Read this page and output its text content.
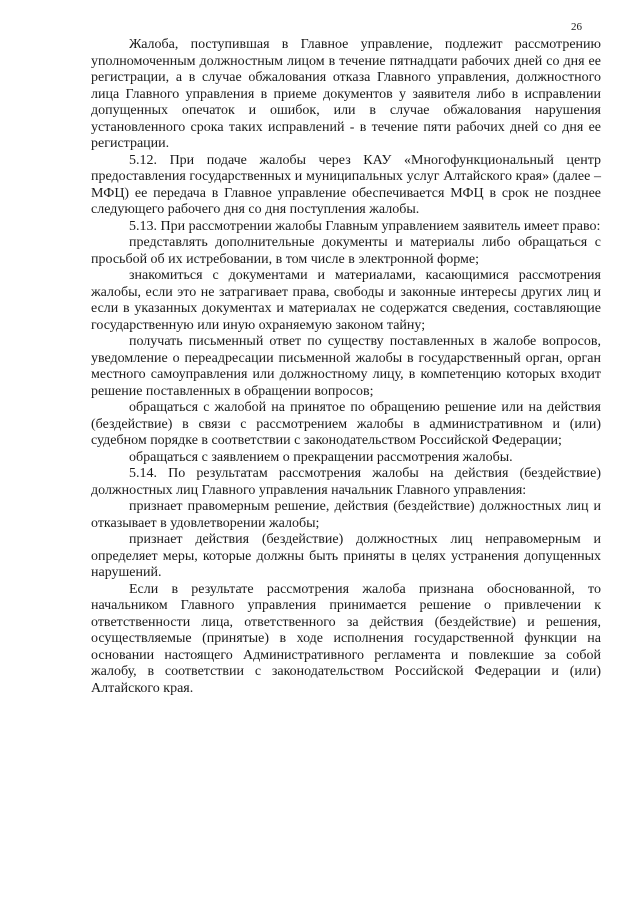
26

Жалоба, поступившая в Главное управление, подлежит рассмотрению уполномоченным должностным лицом в течение пятнадцати рабочих дней со дня ее регистрации, а в случае обжалования отказа Главного управления, должностного лица Главного управления в приеме документов у заявителя либо в исправлении допущенных опечаток и ошибок, или в случае обжалования нарушения установленного срока таких исправлений - в течение пяти рабочих дней со дня ее регистрации.

5.12. При подаче жалобы через КАУ «Многофункциональный центр предоставления государственных и муниципальных услуг Алтайского края» (далее – МФЦ) ее передача в Главное управление обеспечивается МФЦ в срок не позднее следующего рабочего дня со дня поступления жалобы.

5.13. При рассмотрении жалобы Главным управлением заявитель имеет право:

представлять дополнительные документы и материалы либо обращаться с просьбой об их истребовании, в том числе в электронной форме;

знакомиться с документами и материалами, касающимися рассмотрения жалобы, если это не затрагивает права, свободы и законные интересы других лиц и если в указанных документах и материалах не содержатся сведения, составляющие государственную или иную охраняемую законом тайну;

получать письменный ответ по существу поставленных в жалобе вопросов, уведомление о переадресации письменной жалобы в государственный орган, орган местного самоуправления или должностному лицу, в компетенцию которых входит решение поставленных в обращении вопросов;

обращаться с жалобой на принятое по обращению решение или на действия (бездействие) в связи с рассмотрением жалобы в административном и (или) судебном порядке в соответствии с законодательством Российской Федерации;

обращаться с заявлением о прекращении рассмотрения жалобы.

5.14. По результатам рассмотрения жалобы на действия (бездействие) должностных лиц Главного управления начальник Главного управления:

признает правомерным решение, действия (бездействие) должностных лиц и отказывает в удовлетворении жалобы;

признает действия (бездействие) должностных лиц неправомерным и определяет меры, которые должны быть приняты в целях устранения допущенных нарушений.

Если в результате рассмотрения жалоба признана обоснованной, то начальником Главного управления принимается решение о привлечении к ответственности лица, ответственного за действия (бездействие) и решения, осуществляемые (принятые) в ходе исполнения государственной функции на основании настоящего Административного регламента и повлекшие за собой жалобу, в соответствии с законодательством Российской Федерации и (или) Алтайского края.
